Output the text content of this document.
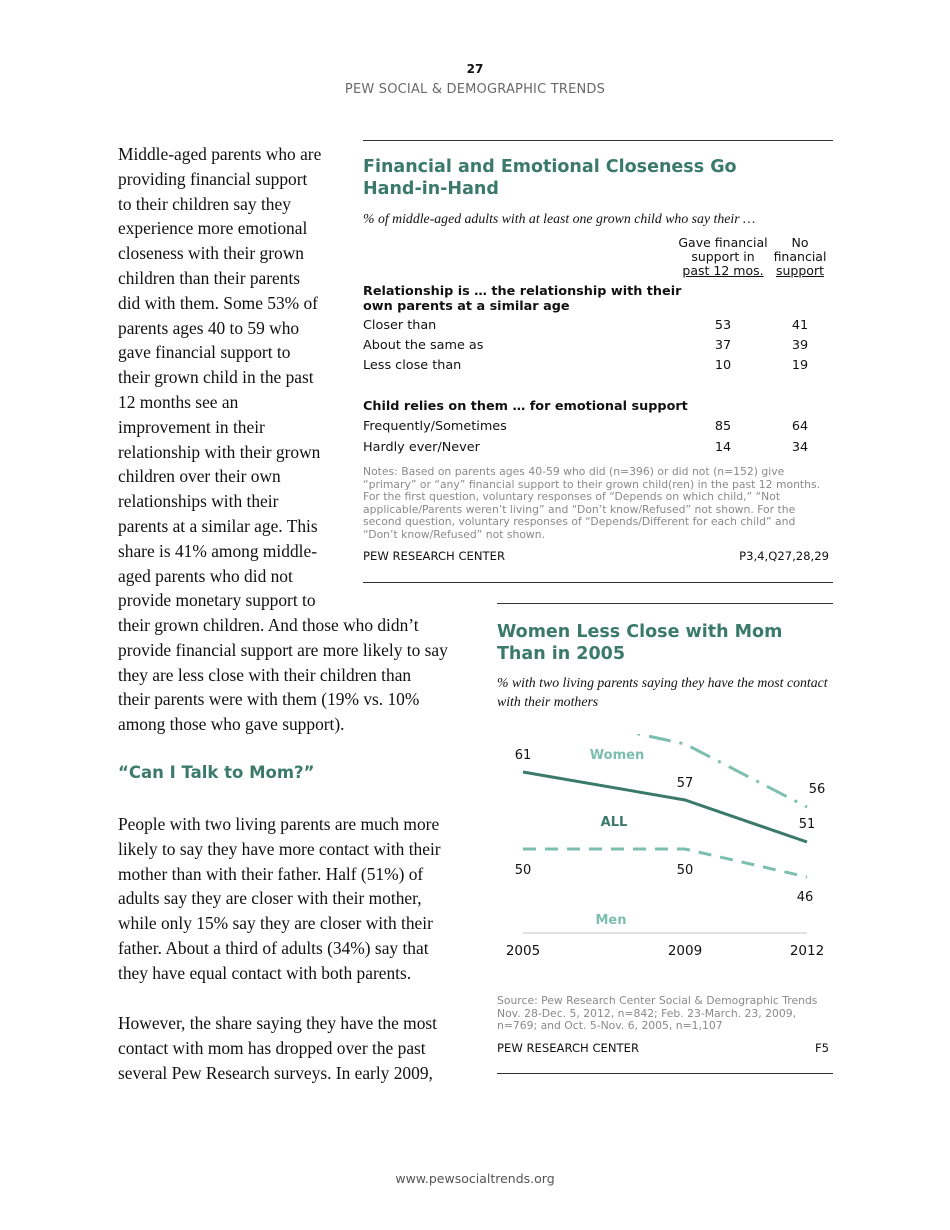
27
PEW SOCIAL & DEMOGRAPHIC TRENDS
Middle-aged parents who are
providing financial support
to their children say they
experience more emotional
closeness with their grown
children than their parents
did with them. Some 53% of
parents ages 40 to 59 who
gave financial support to
their grown child in the past
12 months see an
improvement in their
relationship with their grown
children over their own
relationships with their
parents at a similar age. This
share is 41% among middle-
aged parents who did not
provide monetary support to
their grown children. And those who didn’t
provide financial support are more likely to say
they are less close with their children than
their parents were with them (19% vs. 10%
among those who gave support).
“Can I Talk to Mom?”
People with two living parents are much more
likely to say they have more contact with their
mother than with their father. Half (51%) of
adults say they are closer with their mother,
while only 15% say they are closer with their
father. About a third of adults (34%) say that
they have equal contact with both parents.
However, the share saying they have the most
contact with mom has dropped over the past
several Pew Research surveys. In early 2009,
Financial and Emotional Closeness Go Hand-in-Hand
% of middle-aged adults with at least one grown child who say their …
Gave financial
support in
past 12 mos.
No
financial
support
Relationship is … the relationship with their own parents at a similar age
Closer than	53	41
About the same as	37	39
Less close than	10	19
Child relies on them … for emotional support
Frequently/Sometimes	85	64
Hardly ever/Never	14	34
Notes: Based on parents ages 40-59 who did (n=396) or did not (n=152) give “primary” or “any” financial support to their grown child(ren) in the past 12 months. For the first question, voluntary responses of “Depends on which child,” “Not applicable/Parents weren’t living” and “Don’t know/Refused” not shown. For the second question, voluntary responses of “Depends/Different for each child” and “Don’t know/Refused” not shown.
PEW RESEARCH CENTER	P3,4,Q27,28,29
Women Less Close with Mom Than in 2005
% with two living parents saying they have the most contact with their mothers
2005	2009	2012
56
Women
61
57
51
ALL
50	50
46
Men
Source: Pew Research Center Social & Demographic Trends Nov. 28-Dec. 5, 2012, n=842; Feb. 23-March. 23, 2009, n=769; and Oct. 5-Nov. 6, 2005, n=1,107
PEW RESEARCH CENTER	F5
www.pewsocialtrends.org
